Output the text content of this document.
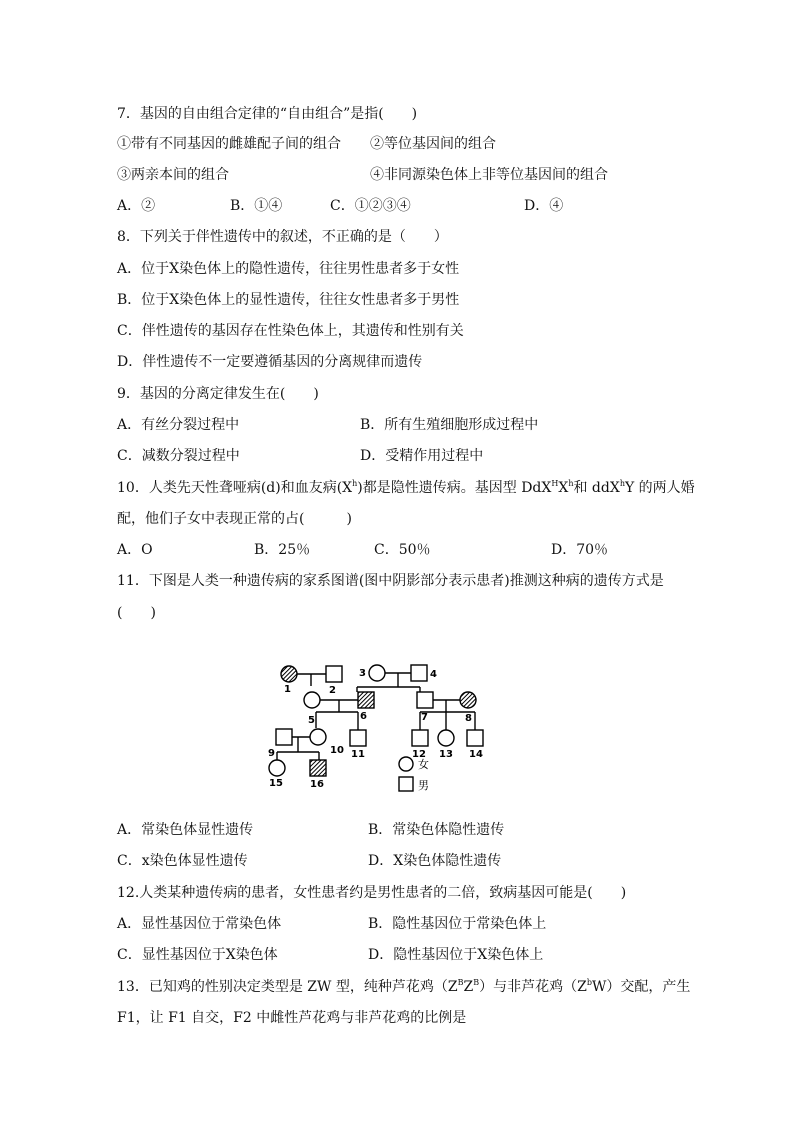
7．基因的自由组合定律的“自由组合”是指(　　)
①带有不同基因的雌雄配子间的组合 ②等位基因间的组合
③两亲本间的组合	④非同源染色体上非等位基因间的组合
A．②	B．①④	C．①②③④	D．④
8．下列关于伴性遗传中的叙述，不正确的是（　　）
A．位于X染色体上的隐性遗传，往往男性患者多于女性
B．位于X染色体上的显性遗传，往往女性患者多于男性
C．伴性遗传的基因存在性染色体上，其遗传和性别有关
D．伴性遗传不一定要遵循基因的分离规律而遗传
9．基因的分离定律发生在(　　)
A．有丝分裂过程中	B．所有生殖细胞形成过程中
C．减数分裂过程中	D．受精作用过程中
10．人类先天性聋哑病(d)和血友病$(X^h)$都是隐性遗传病。基因型 $DdX^HX^h$和 ddX$^h$Y 的两人婚
配，他们子女中表现正常的占(　　　)
A．O	B．25％	C．50％	D．70％
11．下图是人类一种遗传病的家系图谱(图中阴影部分表示患者)推测这种病的遗传方式是
(　　)
1	2
3	4
5	6	7	8
9	10 11	12 13 14
15	16
女
男
A．常染色体显性遗传	B．常染色体隐性遗传
C．x染色体显性遗传	D．X染色体隐性遗传
12.人类某种遗传病的患者，女性患者约是男性患者的二倍，致病基因可能是(　　)
A．显性基因位于常染色体	B．隐性基因位于常染色体上
C．显性基因位于X染色体	D．隐性基因位于X染色体上
13．已知鸡的性别决定类型是 ZW 型，纯种芦花鸡$(Z^BZ^B)$与非芦花鸡$(Z^bW)$交配，产生
F1，让 F1 自交，F2 中雌性芦花鸡与非芦花鸡的比例是
